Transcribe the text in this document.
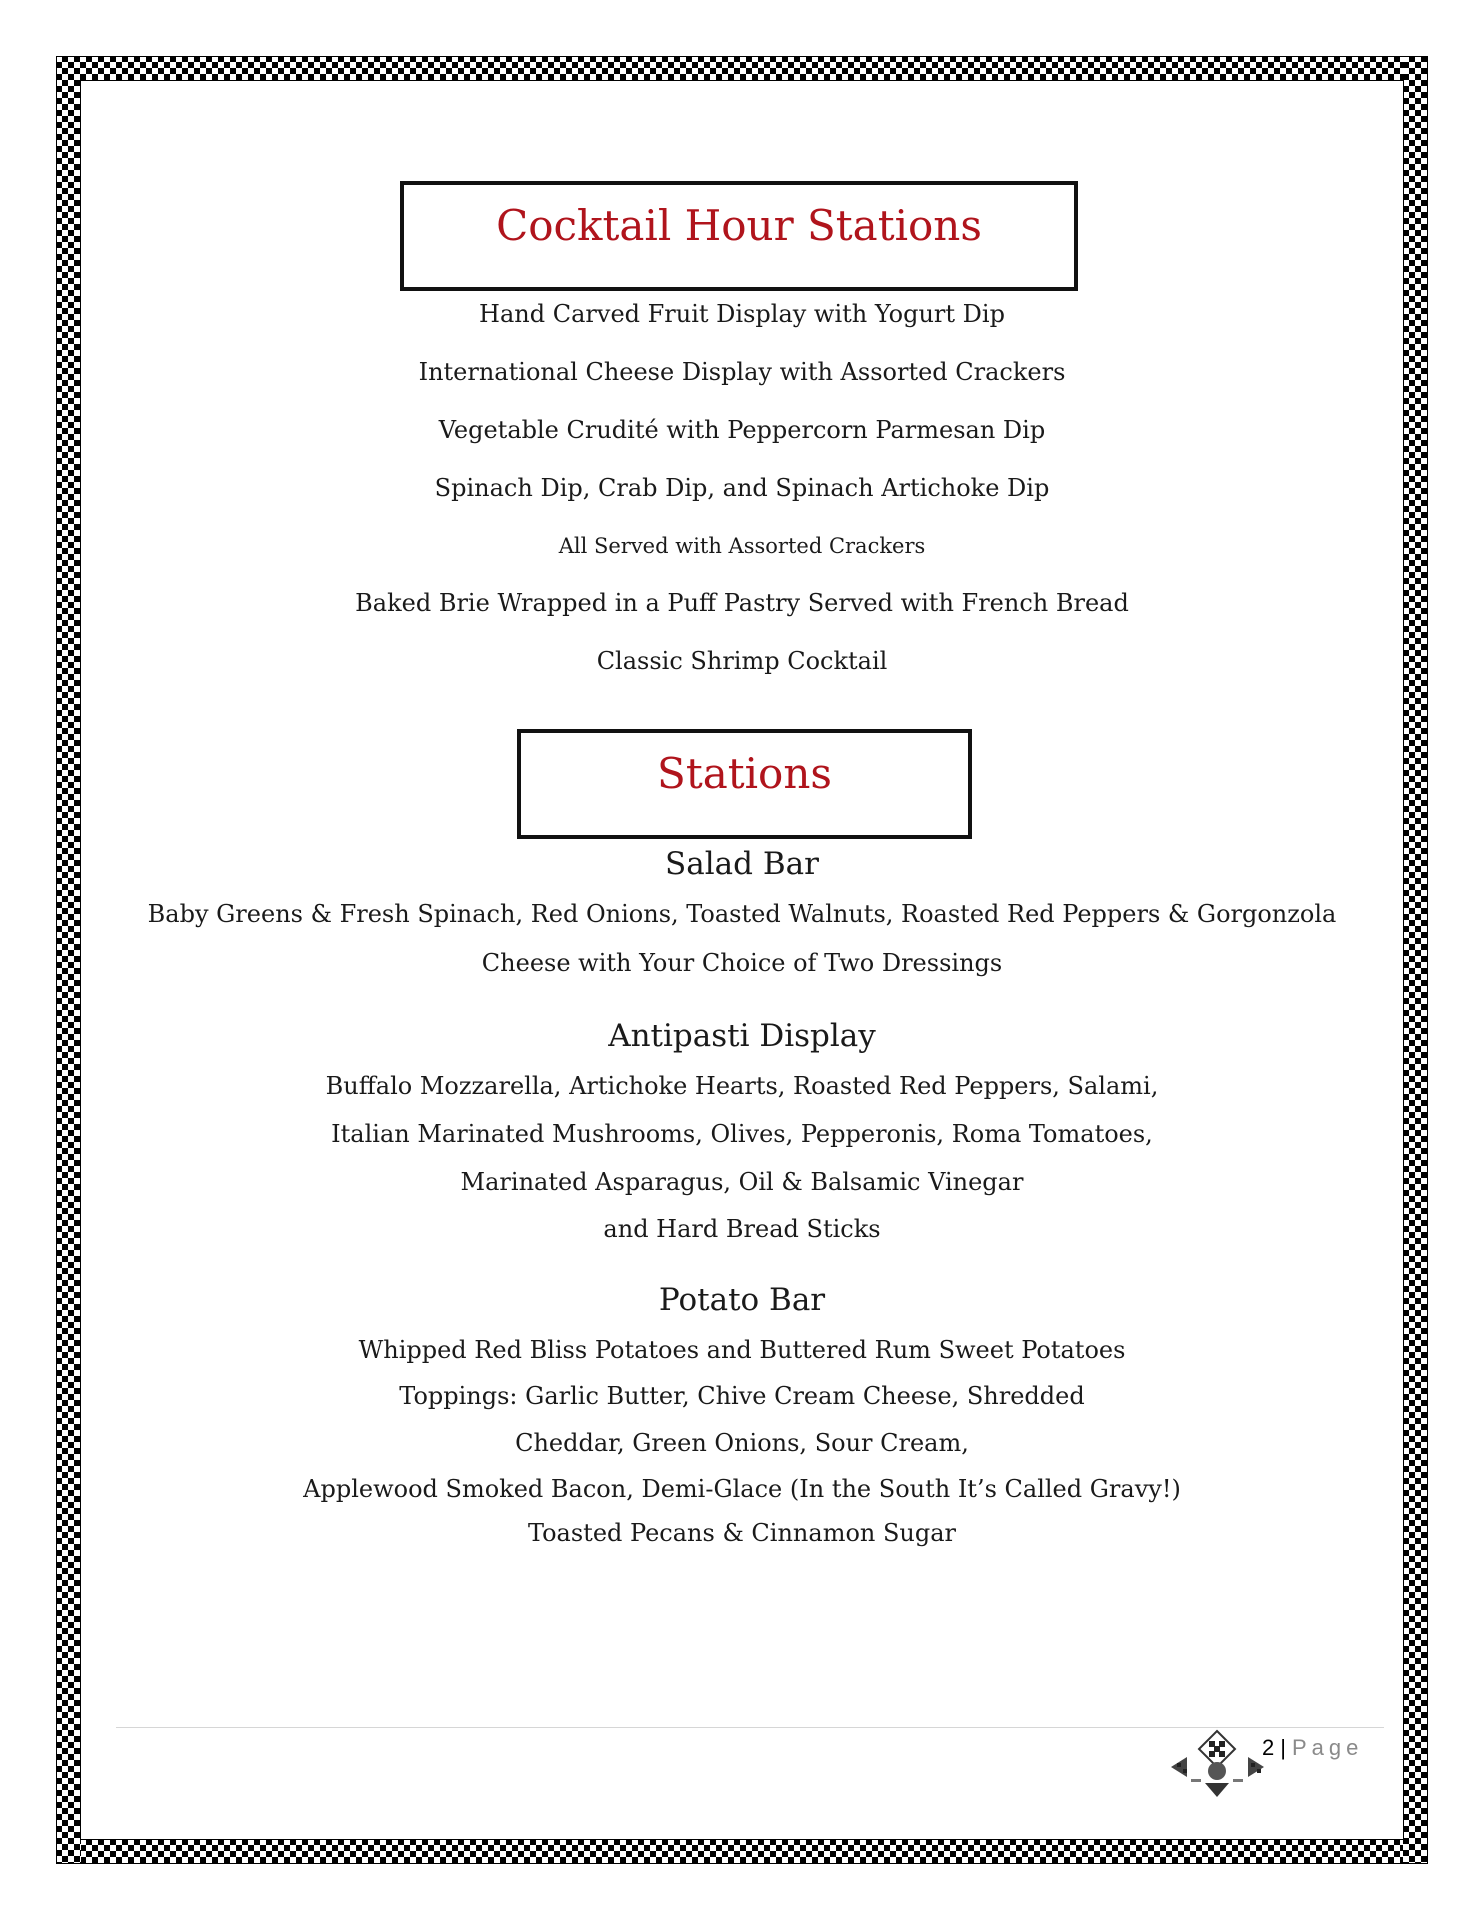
Cocktail Hour Stations
Hand Carved Fruit Display with Yogurt Dip
International Cheese Display with Assorted Crackers
Vegetable Crudité with Peppercorn Parmesan Dip
Spinach Dip, Crab Dip, and Spinach Artichoke Dip
All Served with Assorted Crackers
Baked Brie Wrapped in a Puff Pastry Served with French Bread
Classic Shrimp Cocktail
Stations
Salad Bar
Baby Greens & Fresh Spinach, Red Onions, Toasted Walnuts, Roasted Red Peppers & Gorgonzola
Cheese with Your Choice of Two Dressings
Antipasti Display
Buffalo Mozzarella, Artichoke Hearts, Roasted Red Peppers, Salami,
Italian Marinated Mushrooms, Olives, Pepperonis, Roma Tomatoes,
Marinated Asparagus, Oil & Balsamic Vinegar
and Hard Bread Sticks
Potato Bar
Whipped Red Bliss Potatoes and Buttered Rum Sweet Potatoes
Toppings: Garlic Butter, Chive Cream Cheese, Shredded
Cheddar, Green Onions, Sour Cream,
Applewood Smoked Bacon, Demi-Glace (In the South It’s Called Gravy!)
Toasted Pecans & Cinnamon Sugar
2 | Page
